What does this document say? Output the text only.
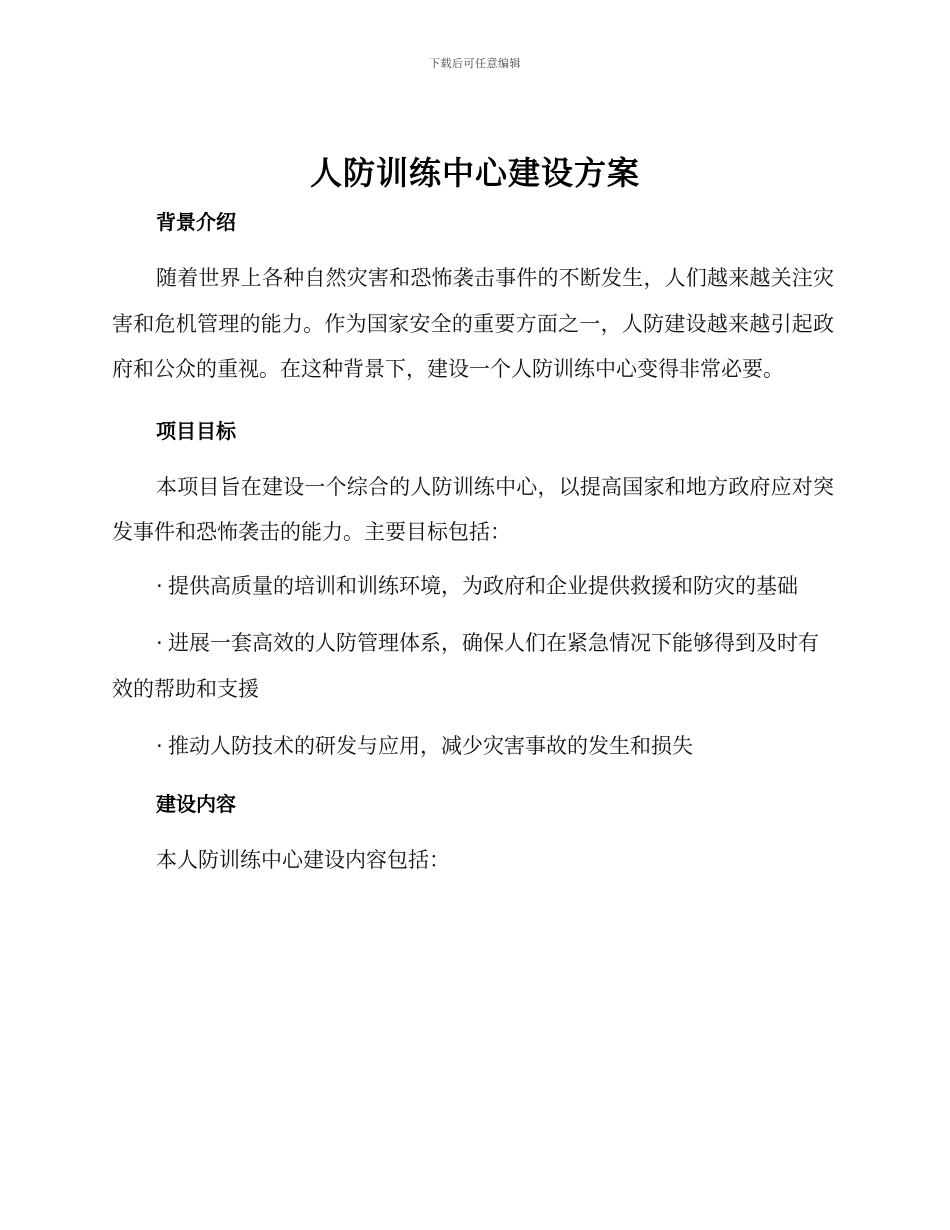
下载后可任意编辑
人防训练中心建设方案
背景介绍

随着世界上各种自然灾害和恐怖袭击事件的不断发生，人们越来越关注灾害和危机管理的能力。作为国家安全的重要方面之一，人防建设越来越引起政府和公众的重视。在这种背景下，建设一个人防训练中心变得非常必要。

项目目标

本项目旨在建设一个综合的人防训练中心，以提高国家和地方政府应对突发事件和恐怖袭击的能力。主要目标包括：

· 提供高质量的培训和训练环境，为政府和企业提供救援和防灾的基础
· 进展一套高效的人防管理体系，确保人们在紧急情况下能够得到及时有效的帮助和支援
· 推动人防技术的研发与应用，减少灾害事故的发生和损失
建设内容

本人防训练中心建设内容包括：
